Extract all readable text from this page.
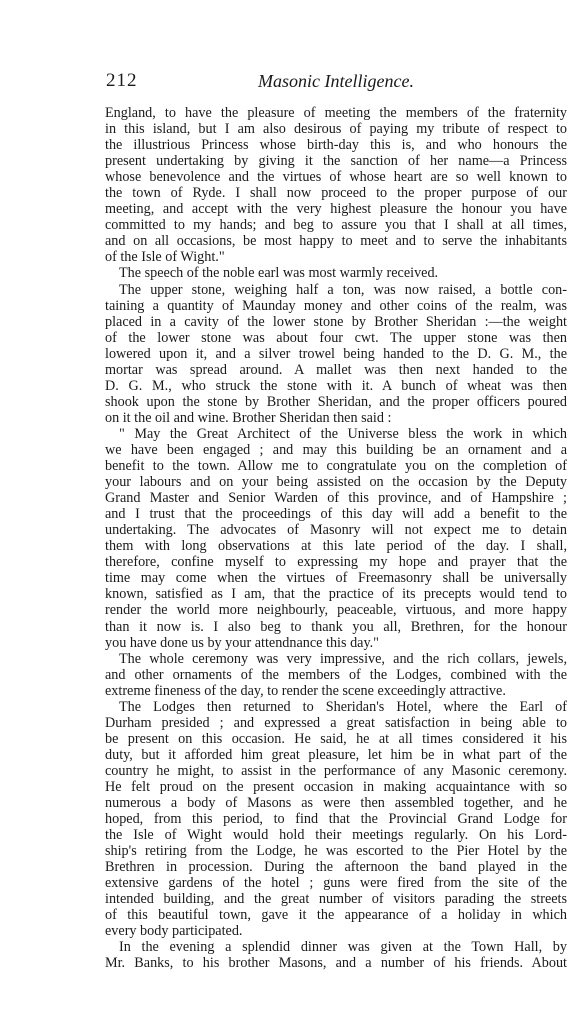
212	Masonic Intelligence.
England, to have the pleasure of meeting the members of the fraternity
in this island, but I am also desirous of paying my tribute of respect to
the illustrious Princess whose birth-day this is, and who honours the
present undertaking by giving it the sanction of her name—a Princess
whose benevolence and the virtues of whose heart are so well known to
the town of Ryde. I shall now proceed to the proper purpose of our
meeting, and accept with the very highest pleasure the honour you have
committed to my hands; and beg to assure you that I shall at all times,
and on all occasions, be most happy to meet and to serve the inhabitants
of the Isle of Wight."
The speech of the noble earl was most warmly received.
The upper stone, weighing half a ton, was now raised, a bottle con-
taining a quantity of Maunday money and other coins of the realm, was
placed in a cavity of the lower stone by Brother Sheridan :—the weight
of the lower stone was about four cwt. The upper stone was then
lowered upon it, and a silver trowel being handed to the D. G. M., the
mortar was spread around. A mallet was then next handed to the
D. G. M., who struck the stone with it. A bunch of wheat was then
shook upon the stone by Brother Sheridan, and the proper officers poured
on it the oil and wine. Brother Sheridan then said :
" May the Great Architect of the Universe bless the work in which
we have been engaged ; and may this building be an ornament and a
benefit to the town. Allow me to congratulate you on the completion of
your labours and on your being assisted on the occasion by the Deputy
Grand Master and Senior Warden of this province, and of Hampshire ;
and I trust that the proceedings of this day will add a benefit to the
undertaking. The advocates of Masonry will not expect me to detain
them with long observations at this late period of the day. I shall,
therefore, confine myself to expressing my hope and prayer that the
time may come when the virtues of Freemasonry shall be universally
known, satisfied as I am, that the practice of its precepts would tend to
render the world more neighbourly, peaceable, virtuous, and more happy
than it now is. I also beg to thank you all, Brethren, for the honour
you have done us by your attendnance this day."
The whole ceremony was very impressive, and the rich collars, jewels,
and other ornaments of the members of the Lodges, combined with the
extreme fineness of the day, to render the scene exceedingly attractive.
The Lodges then returned to Sheridan's Hotel, where the Earl of
Durham presided ; and expressed a great satisfaction in being able to
be present on this occasion. He said, he at all times considered it his
duty, but it afforded him great pleasure, let him be in what part of the
country he might, to assist in the performance of any Masonic ceremony.
He felt proud on the present occasion in making acquaintance with so
numerous a body of Masons as were then assembled together, and he
hoped, from this period, to find that the Provincial Grand Lodge for
the Isle of Wight would hold their meetings regularly. On his Lord-
ship's retiring from the Lodge, he was escorted to the Pier Hotel by the
Brethren in procession. During the afternoon the band played in the
extensive gardens of the hotel ; guns were fired from the site of the
intended building, and the great number of visitors parading the streets
of this beautiful town, gave it the appearance of a holiday in which
every body participated.
In the evening a splendid dinner was given at the Town Hall, by
Mr. Banks, to his brother Masons, and a number of his friends. About
